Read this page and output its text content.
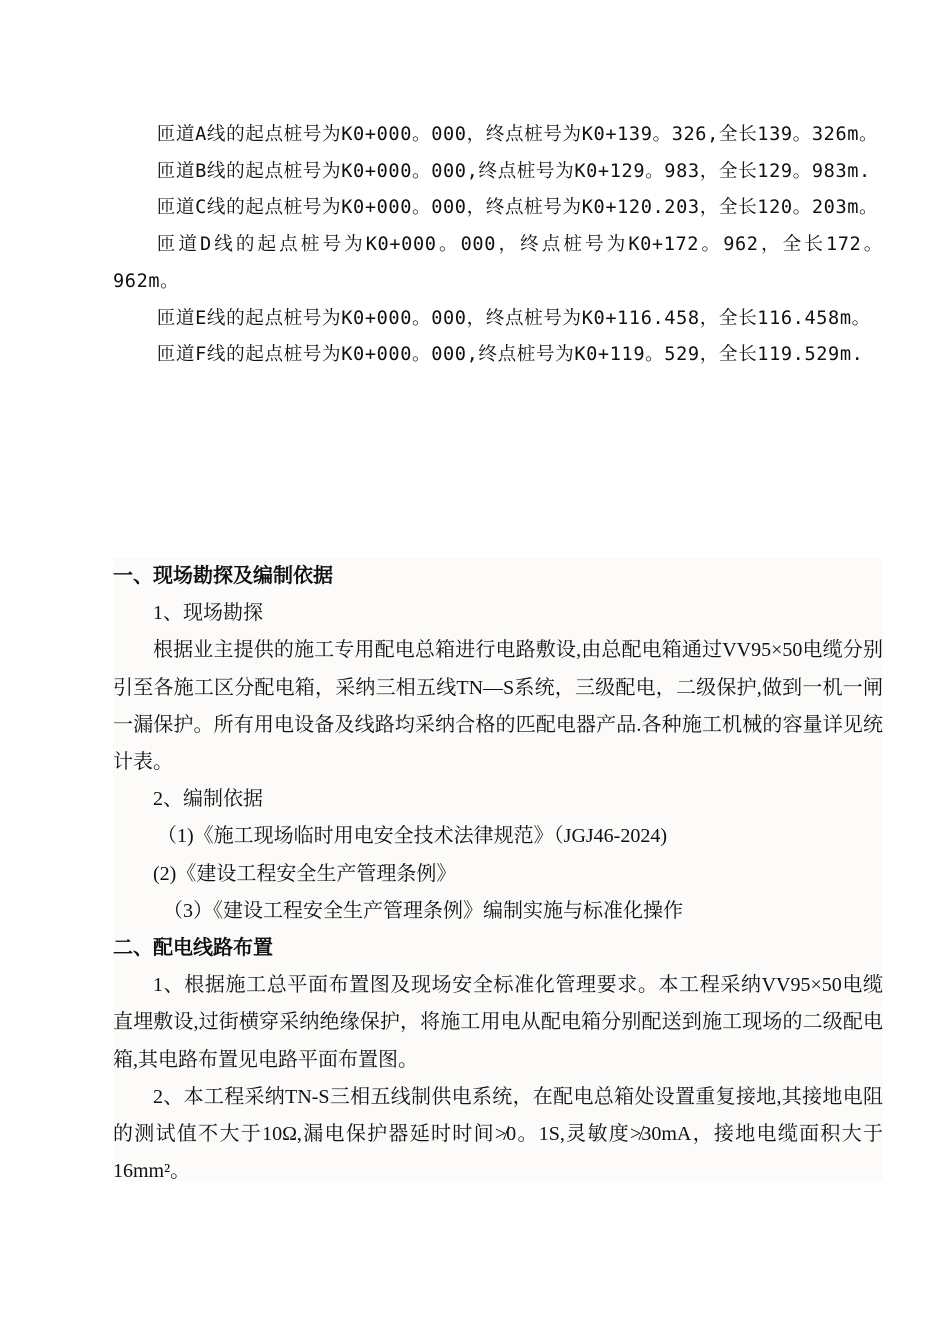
匝道A线的起点桩号为K0+000。000，终点桩号为K0+139。326,全长139。326m。

匝道B线的起点桩号为K0+000。000,终点桩号为K0+129。983，全长129。983m.

匝道C线的起点桩号为K0+000。000，终点桩号为K0+120.203，全长120。203m。

匝道D线的起点桩号为K0+000。000，终点桩号为K0+172。962，全长172。962m。

匝道E线的起点桩号为K0+000。000，终点桩号为K0+116.458，全长116.458m。

匝道F线的起点桩号为K0+000。000,终点桩号为K0+119。529，全长119.529m.

一、现场勘探及编制依据

1、现场勘探

根据业主提供的施工专用配电总箱进行电路敷设,由总配电箱通过VV95×50电缆分别引至各施工区分配电箱，采纳三相五线TN—S系统，三级配电，二级保护,做到一机一闸一漏保护。所有用电设备及线路均采纳合格的匹配电器产品.各种施工机械的容量详见统计表。

2、编制依据

（1)《施工现场临时用电安全技术法律规范》（JGJ46-2024)

(2)《建设工程安全生产管理条例》

（3）《建设工程安全生产管理条例》编制实施与标准化操作

二、配电线路布置

1、根据施工总平面布置图及现场安全标准化管理要求。本工程采纳VV95×50电缆直埋敷设,过街横穿采纳绝缘保护，将施工用电从配电箱分别配送到施工现场的二级配电箱,其电路布置见电路平面布置图。

2、本工程采纳TN-S三相五线制供电系统，在配电总箱处设置重复接地,其接地电阻的测试值不大于10Ω,漏电保护器延时时间≯0。1S,灵敏度≯30mA，接地电缆面积大于16mm²。
